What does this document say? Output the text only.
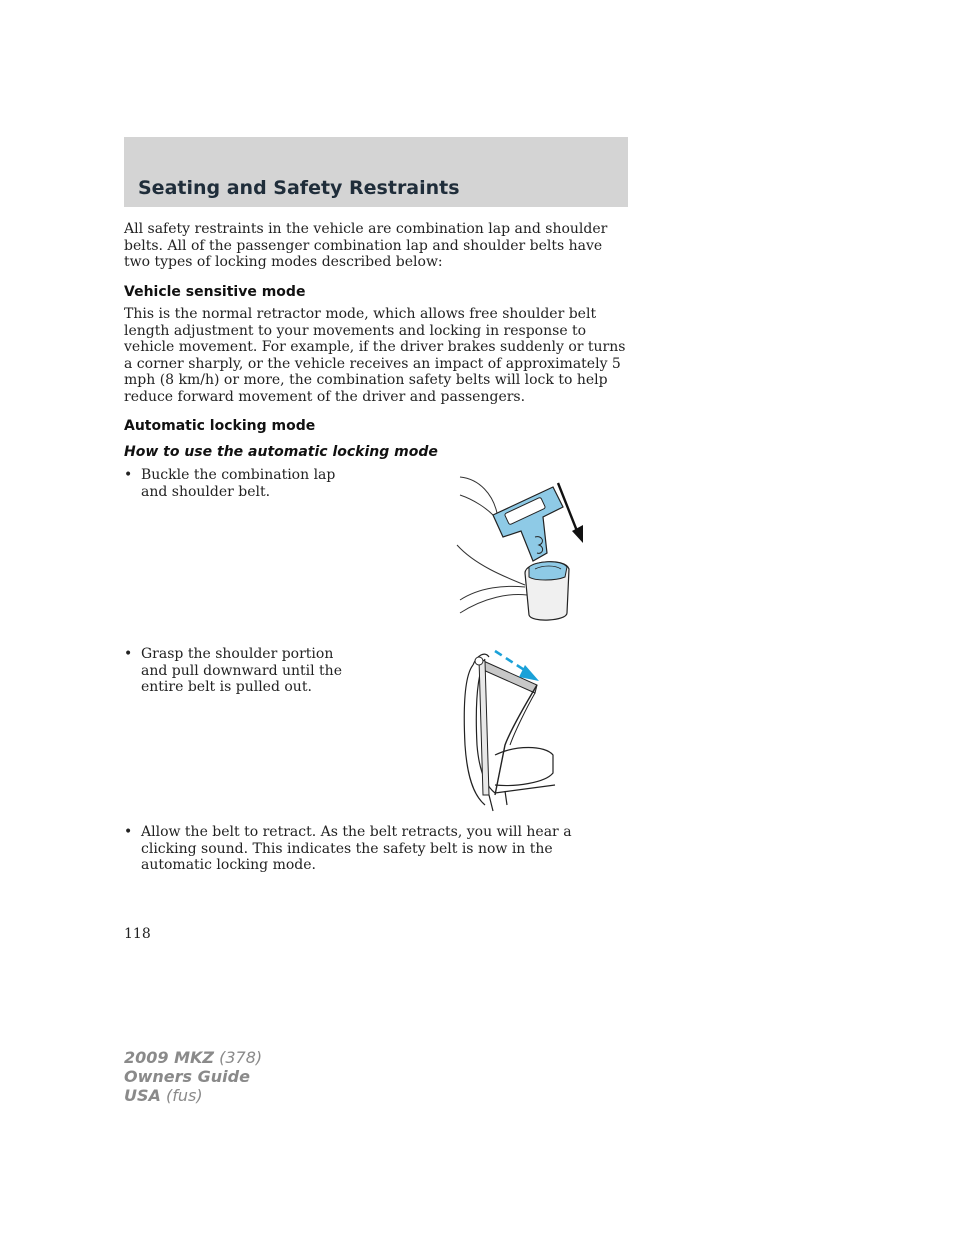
Seating and Safety Restraints

All safety restraints in the vehicle are combination lap and shoulder belts. All of the passenger combination lap and shoulder belts have two types of locking modes described below:

Vehicle sensitive mode

This is the normal retractor mode, which allows free shoulder belt length adjustment to your movements and locking in response to vehicle movement. For example, if the driver brakes suddenly or turns a corner sharply, or the vehicle receives an impact of approximately 5 mph (8 km/h) or more, the combination safety belts will lock to help reduce forward movement of the driver and passengers.

Automatic locking mode
How to use the automatic locking mode
• Buckle the combination lap and shoulder belt.
• Grasp the shoulder portion and pull downward until the entire belt is pulled out.
• Allow the belt to retract. As the belt retracts, you will hear a clicking sound. This indicates the safety belt is now in the automatic locking mode.
118
2009 MKZ (378)
Owners Guide
USA (fus)
